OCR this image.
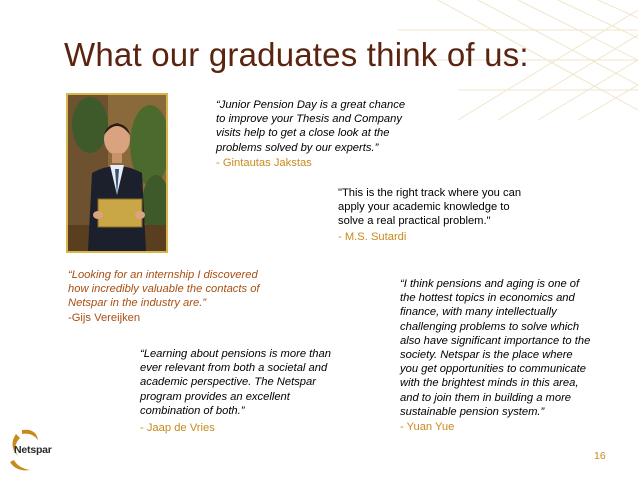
What our graduates think of us:
“Junior Pension Day is a great chance
to improve your Thesis and Company
visits help to get a close look at the
problems solved by our experts.”
- Gintautas Jakstas
"This is the right track where you can
apply your academic knowledge to
solve a real practical problem."
- M.S. Sutardi
“Looking for an internship I discovered
how incredibly valuable the contacts of
Netspar in the industry are.”
-Gijs Vereijken
“I think pensions and aging is one of
the hottest topics in economics and
finance, with many intellectually
challenging problems to solve which
also have significant importance to the
society. Netspar is the place where
you get opportunities to communicate
with the brightest minds in this area,
and to join them in building a more
sustainable pension system.”
- Yuan Yue
“Learning about pensions is more than
ever relevant from both a societal and
academic perspective. The Netspar
program provides an excellent
combination of both.”
- Jaap de Vries
16
Netspar
